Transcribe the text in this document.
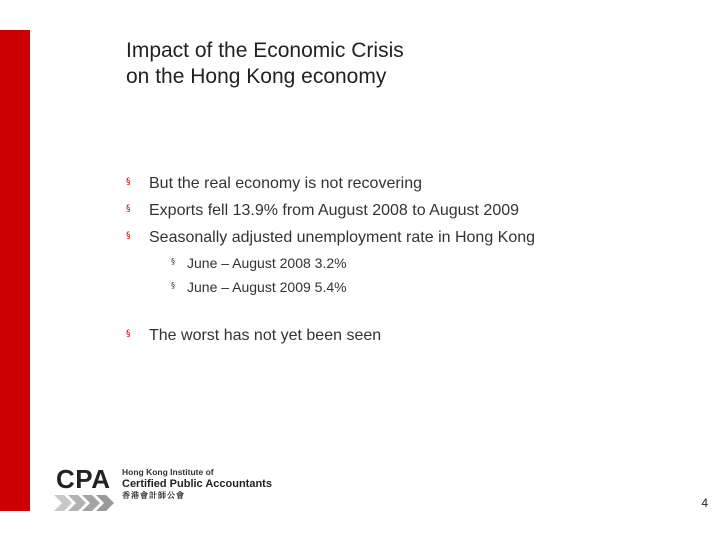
Impact of the Economic Crisis
on the Hong Kong economy
§ But the real economy is not recovering
§ Exports fell 13.9% from August 2008 to August 2009
§ Seasonally adjusted unemployment rate in Hong Kong
§ June – August 2008 3.2%
§ June – August 2009 5.4%
§ The worst has not yet been seen
CPA Hong Kong Institute of
Certified Public Accountants
香港會計師公會
4
